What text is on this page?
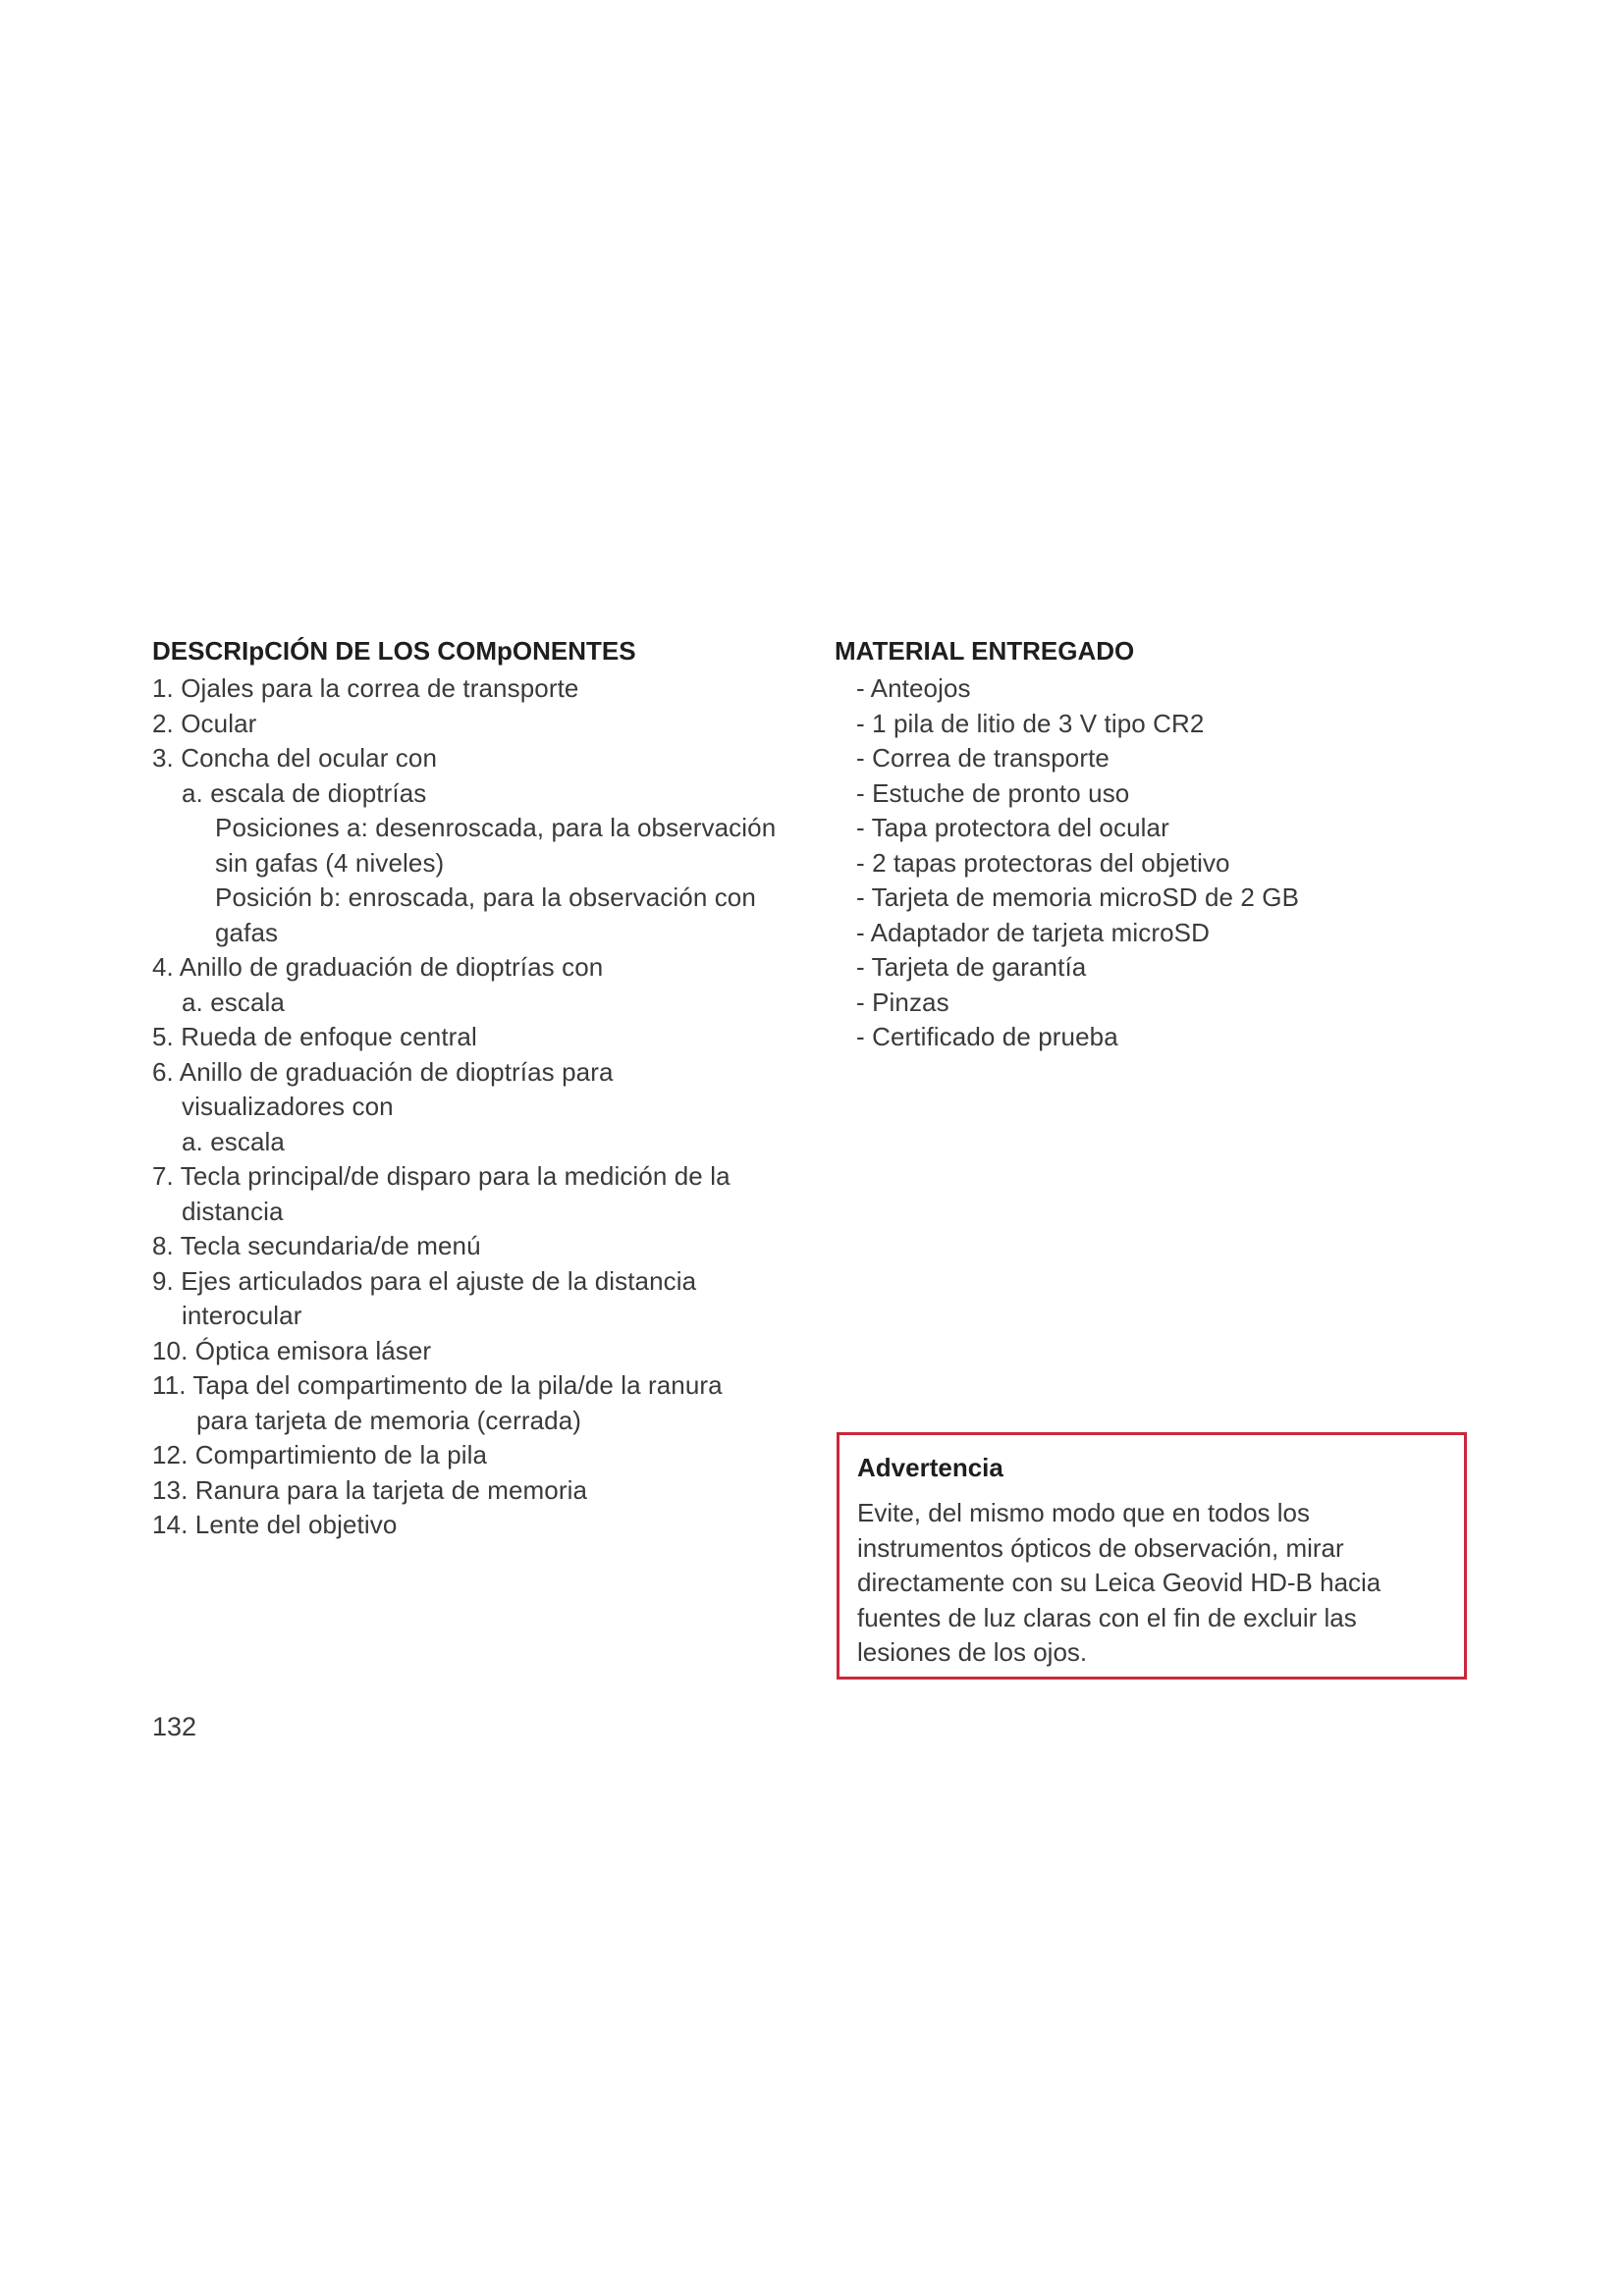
DESCRIpCIÓN DE LOS COMpONENTES
1. Ojales para la correa de transporte
2. Ocular
3. Concha del ocular con
a. escala de dioptrías
Posiciones a: desenroscada, para la observación
sin gafas (4 niveles)
Posición b: enroscada, para la observación con
gafas
4. Anillo de graduación de dioptrías con
a. escala
5. Rueda de enfoque central
6. Anillo de graduación de dioptrías para
visualizadores con
a. escala
7. Tecla principal/de disparo para la medición de la
distancia
8. Tecla secundaria/de menú
9. Ejes articulados para el ajuste de la distancia
interocular
10. Óptica emisora láser
11. Tapa del compartimento de la pila/de la ranura
para tarjeta de memoria (cerrada)
12. Compartimiento de la pila
13. Ranura para la tarjeta de memoria
14. Lente del objetivo
MATERIAL ENTREGADO
- Anteojos
- 1 pila de litio de 3 V tipo CR2
- Correa de transporte
- Estuche de pronto uso
- Tapa protectora del ocular
- 2 tapas protectoras del objetivo
- Tarjeta de memoria microSD de 2 GB
- Adaptador de tarjeta microSD
- Tarjeta de garantía
- Pinzas
- Certificado de prueba
Advertencia
Evite, del mismo modo que en todos los
instrumentos ópticos de observación, mirar
directamente con su Leica Geovid HD-B hacia
fuentes de luz claras con el fin de excluir las
lesiones de los ojos.
132
